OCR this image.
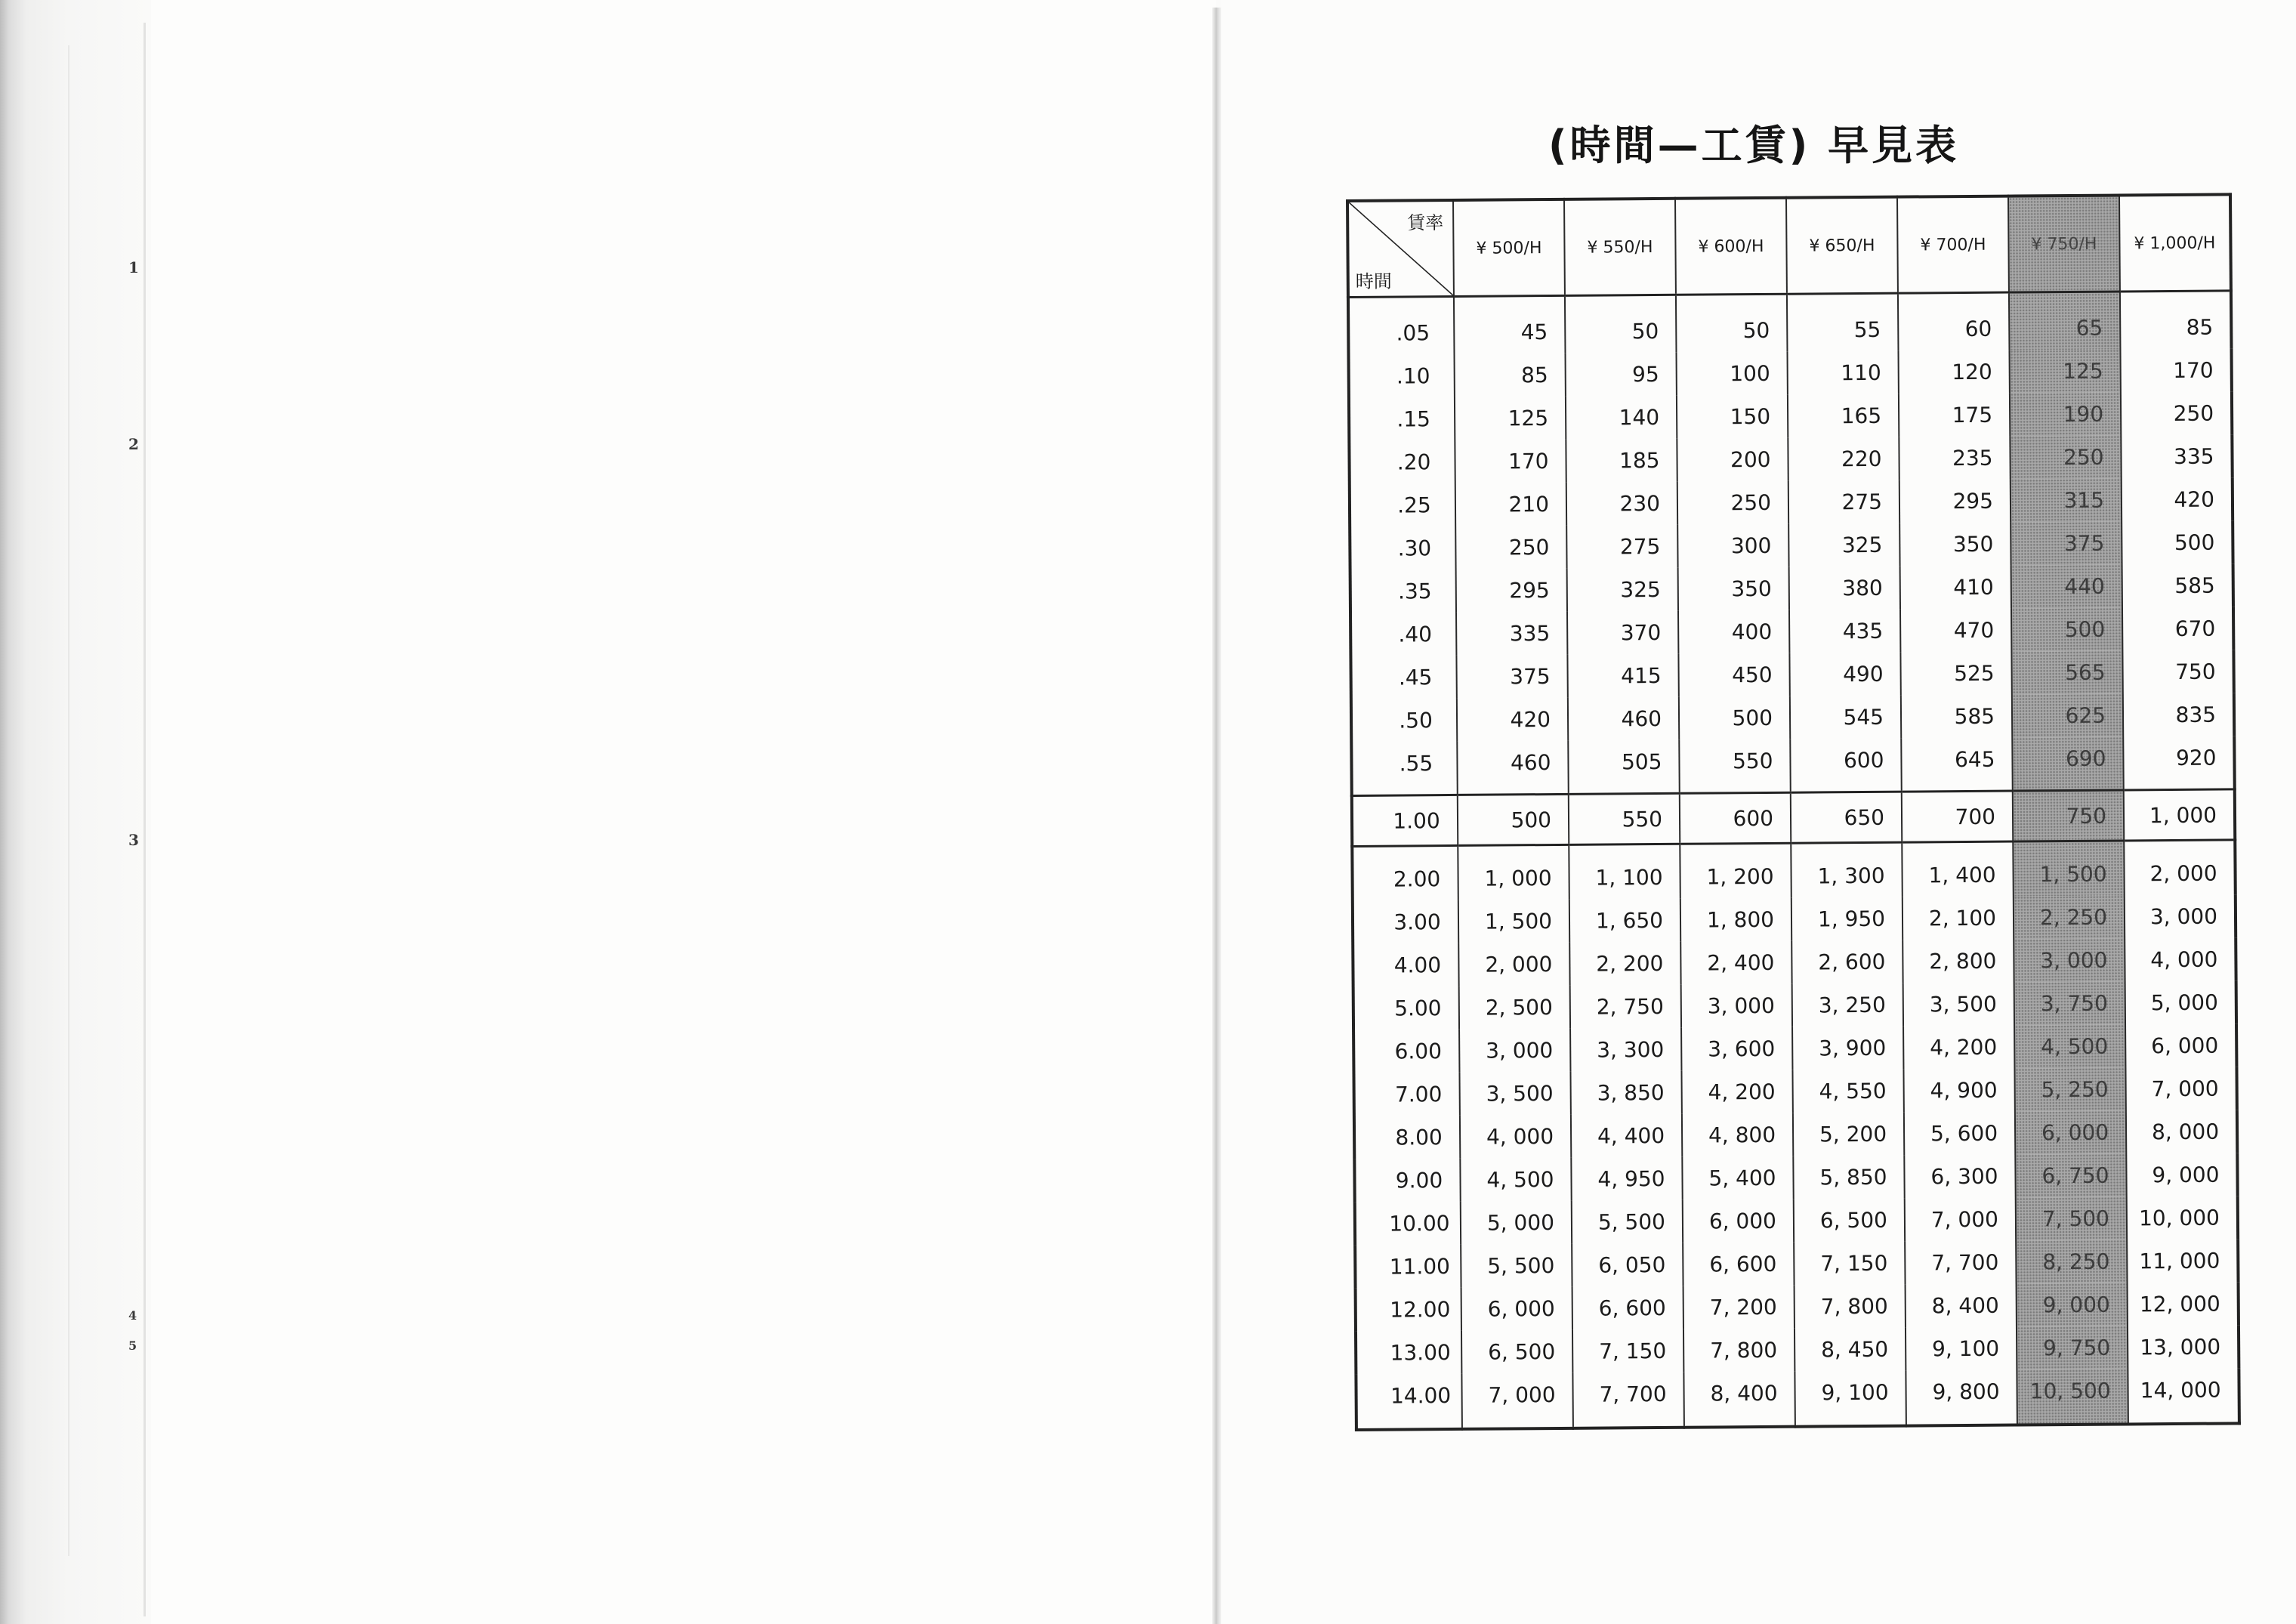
1
2
3
4
5
(時間—工賃) 早見表
賃率
時間	¥ 500/H	¥ 550/H	¥ 600/H	¥ 650/H	¥ 700/H	¥ 750/H	¥ 1,000/H
.05	45	50	50	55	60	65	85
.10	85	95	100	110	120	125	170
.15	125	140	150	165	175	190	250
.20	170	185	200	220	235	250	335
.25	210	230	250	275	295	315	420
.30	250	275	300	325	350	375	500
.35	295	325	350	380	410	440	585
.40	335	370	400	435	470	500	670
.45	375	415	450	490	525	565	750
.50	420	460	500	545	585	625	835
.55	460	505	550	600	645	690	920
1.00	500	550	600	650	700	750	1, 000
2.00	1, 000	1, 100	1, 200	1, 300	1, 400	1, 500	2, 000
3.00	1, 500	1, 650	1, 800	1, 950	2, 100	2, 250	3, 000
4.00	2, 000	2, 200	2, 400	2, 600	2, 800	3, 000	4, 000
5.00	2, 500	2, 750	3, 000	3, 250	3, 500	3, 750	5, 000
6.00	3, 000	3, 300	3, 600	3, 900	4, 200	4, 500	6, 000
7.00	3, 500	3, 850	4, 200	4, 550	4, 900	5, 250	7, 000
8.00	4, 000	4, 400	4, 800	5, 200	5, 600	6, 000	8, 000
9.00	4, 500	4, 950	5, 400	5, 850	6, 300	6, 750	9, 000
10.00	5, 000	5, 500	6, 000	6, 500	7, 000	7, 500	10, 000
11.00	5, 500	6, 050	6, 600	7, 150	7, 700	8, 250	11, 000
12.00	6, 000	6, 600	7, 200	7, 800	8, 400	9, 000	12, 000
13.00	6, 500	7, 150	7, 800	8, 450	9, 100	9, 750	13, 000
14.00	7, 000	7, 700	8, 400	9, 100	9, 800	10, 500	14, 000
